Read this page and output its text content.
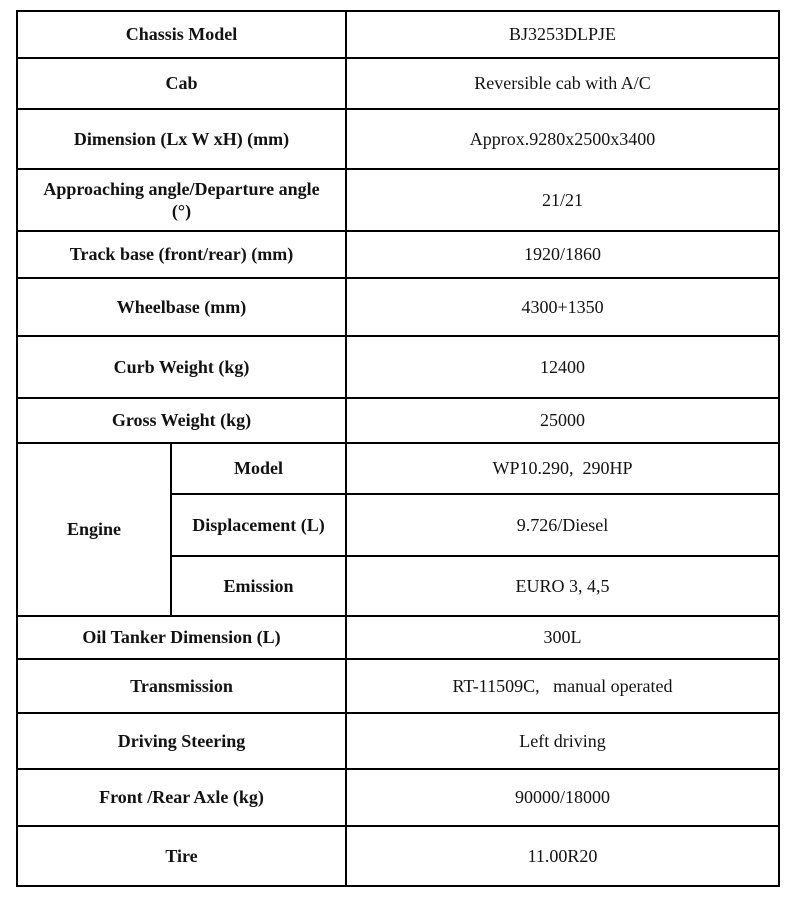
Chassis Model		BJ3253DLPJE
Cab		Reversible cab with A/C
Dimension (Lx W xH) (mm)		Approx.9280x2500x3400
Approaching angle/Departure angle (°)		21/21
Track base (front/rear) (mm)		1920/1860
Wheelbase (mm)		4300+1350
Curb Weight (kg)		12400
Gross Weight (kg)		25000
Engine	Model	WP10.290,  290HP
	Displacement (L)	9.726/Diesel
	Emission	EURO 3, 4,5
Oil Tanker Dimension (L)		300L
Transmission		RT-11509C,   manual operated
Driving Steering		Left driving
Front /Rear Axle (kg)		90000/18000
Tire		11.00R20
